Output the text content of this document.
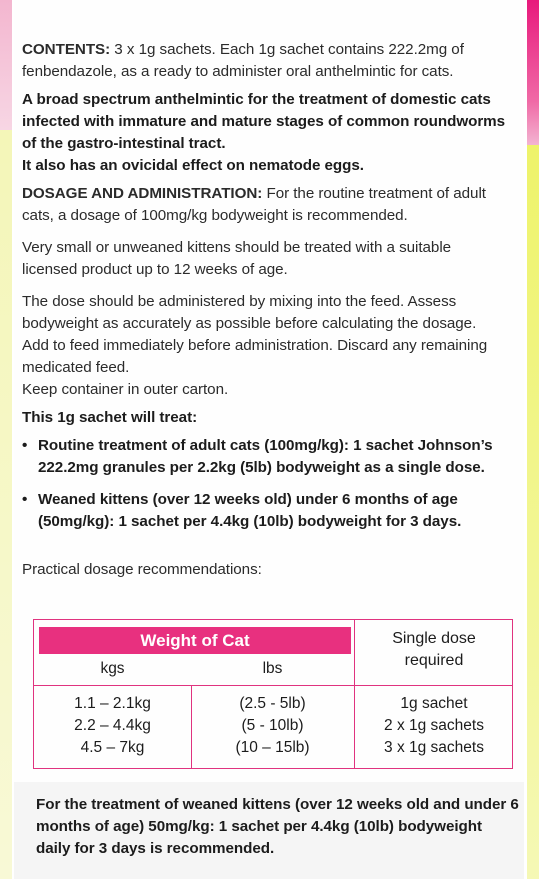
CONTENTS: 3 x 1g sachets. Each 1g sachet contains 222.2mg of fenbendazole, as a ready to administer oral anthelmintic for cats.

A broad spectrum anthelmintic for the treatment of domestic cats infected with immature and mature stages of common roundworms of the gastro-intestinal tract.

It also has an ovicidal effect on nematode eggs.

DOSAGE AND ADMINISTRATION: For the routine treatment of adult cats, a dosage of 100mg/kg bodyweight is recommended.

Very small or unweaned kittens should be treated with a suitable licensed product up to 12 weeks of age.

The dose should be administered by mixing into the feed. Assess bodyweight as accurately as possible before calculating the dosage. Add to feed immediately before administration. Discard any remaining medicated feed.

Keep container in outer carton.

This 1g sachet will treat:

• Routine treatment of adult cats (100mg/kg): 1 sachet Johnson’s 222.2mg granules per 2.2kg (5lb) bodyweight as a single dose.

• Weaned kittens (over 12 weeks old) under 6 months of age (50mg/kg): 1 sachet per 4.4kg (10lb) bodyweight for 3 days.

Practical dosage recommendations:

Weight of Cat
kgs	lbs
Single dose required
1.1 – 2.1kg	(2.5 - 5lb)	1g sachet
2.2 – 4.4kg	(5 - 10lb)	2 x 1g sachets
4.5 – 7kg	(10 – 15lb)	3 x 1g sachets

For the treatment of weaned kittens (over 12 weeks old and under 6 months of age) 50mg/kg: 1 sachet per 4.4kg (10lb) bodyweight daily for 3 days is recommended.
